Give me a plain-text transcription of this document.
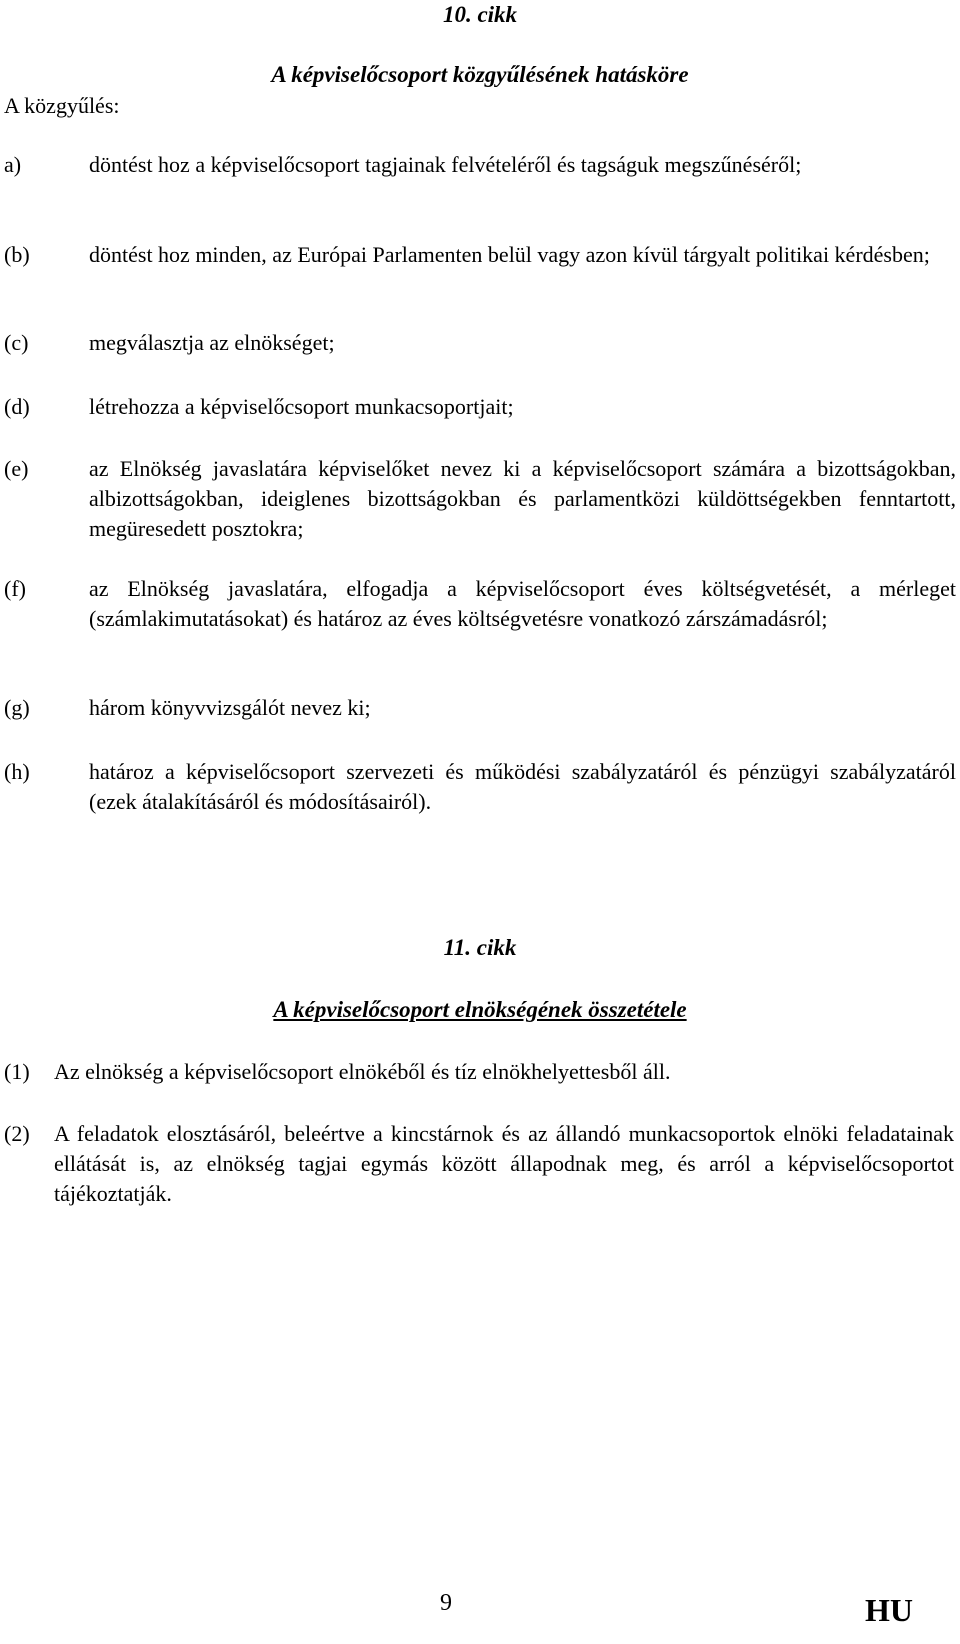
10. cikk
A képviselőcsoport közgyűlésének hatásköre
A közgyűlés:
a)	döntést hoz a képviselőcsoport tagjainak felvételéről és tagságuk megszűnéséről;
(b)	döntést hoz minden, az Európai Parlamenten belül vagy azon kívül tárgyalt politikai kérdésben;
(c)	megválasztja az elnökséget;
(d)	létrehozza a képviselőcsoport munkacsoportjait;
(e)	az Elnökség javaslatára képviselőket nevez ki a képviselőcsoport számára a bizottságokban, albizottságokban, ideiglenes bizottságokban és parlamentközi küldöttségekben fenntartott, megüresedett posztokra;
(f)	az Elnökség javaslatára, elfogadja a képviselőcsoport éves költségvetését, a mérleget (számlakimutatásokat) és határoz az éves költségvetésre vonatkozó zárszámadásról;
(g)	három könyvvizsgálót nevez ki;
(h)	határoz a képviselőcsoport szervezeti és működési szabályzatáról és pénzügyi szabályzatáról (ezek átalakításáról és módosításairól).
11. cikk
A képviselőcsoport elnökségének összetétele
(1) Az elnökség a képviselőcsoport elnökéből és tíz elnökhelyettesből áll.
(2) A feladatok elosztásáról, beleértve a kincstárnok és az állandó munkacsoportok elnöki feladatainak ellátását is, az elnökség tagjai egymás között állapodnak meg, és arról a képviselőcsoportot tájékoztatják.
9	HU
